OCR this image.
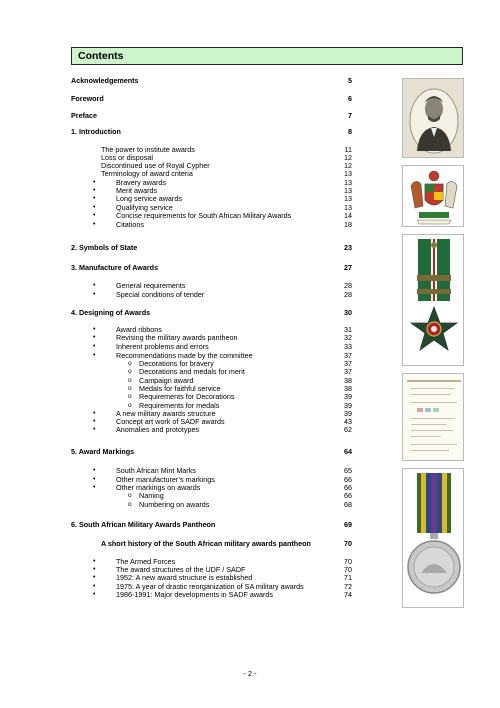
Contents
Acknowledgements	5
Foreword	6
Preface	7
1. Introduction	8
The power to institute awards	11
Loss or disposal	12
Discontinued use of Royal Cypher	12
Terminology of award criteria	13
Bravery awards	13
•
Merit awards	13
•
Long service awards	13
•
Qualifying service	13
•
Concise requirements for South African Military Awards	14
•
Citations	18
•
2. Symbols of State	23
3. Manufacture of Awards	27
General requirements	28
•
Special conditions of tender	28
•
4. Designing of Awards	30
Award ribbons	31
•
Revising the military awards pantheon	32
•
Inherent problems and errors	33
•
Recommendations made by the committee	37
•
Decorations for bravery	37
o
Decorations and medals for merit	37
o
Campaign award	38
o
Medals for faithful service	38
o
Requirements for Decorations	39
o
Requirements for medals	39
o
A new military awards structure	39
•
Concept art work of SADF awards	43
•
Anomalies and prototypes	62
•
5. Award Markings	64
South African Mint Marks	65
•
Other manufacturer’s markings	66
•
Other markings on awards	66
•
Naming	66
o
Numbering on awards	68
o
6. South African Military Awards Pantheon	69
A short history of the South African military awards pantheon	70
The Armed Forces	70
•
The award structures of the UDF / SADF	70
•
1952: A new award structure is established	71
•
1975: A year of drastic reorganization of SA military awards	72
•
1986-1991: Major developments in SADF awards	74
•
- 2 -
